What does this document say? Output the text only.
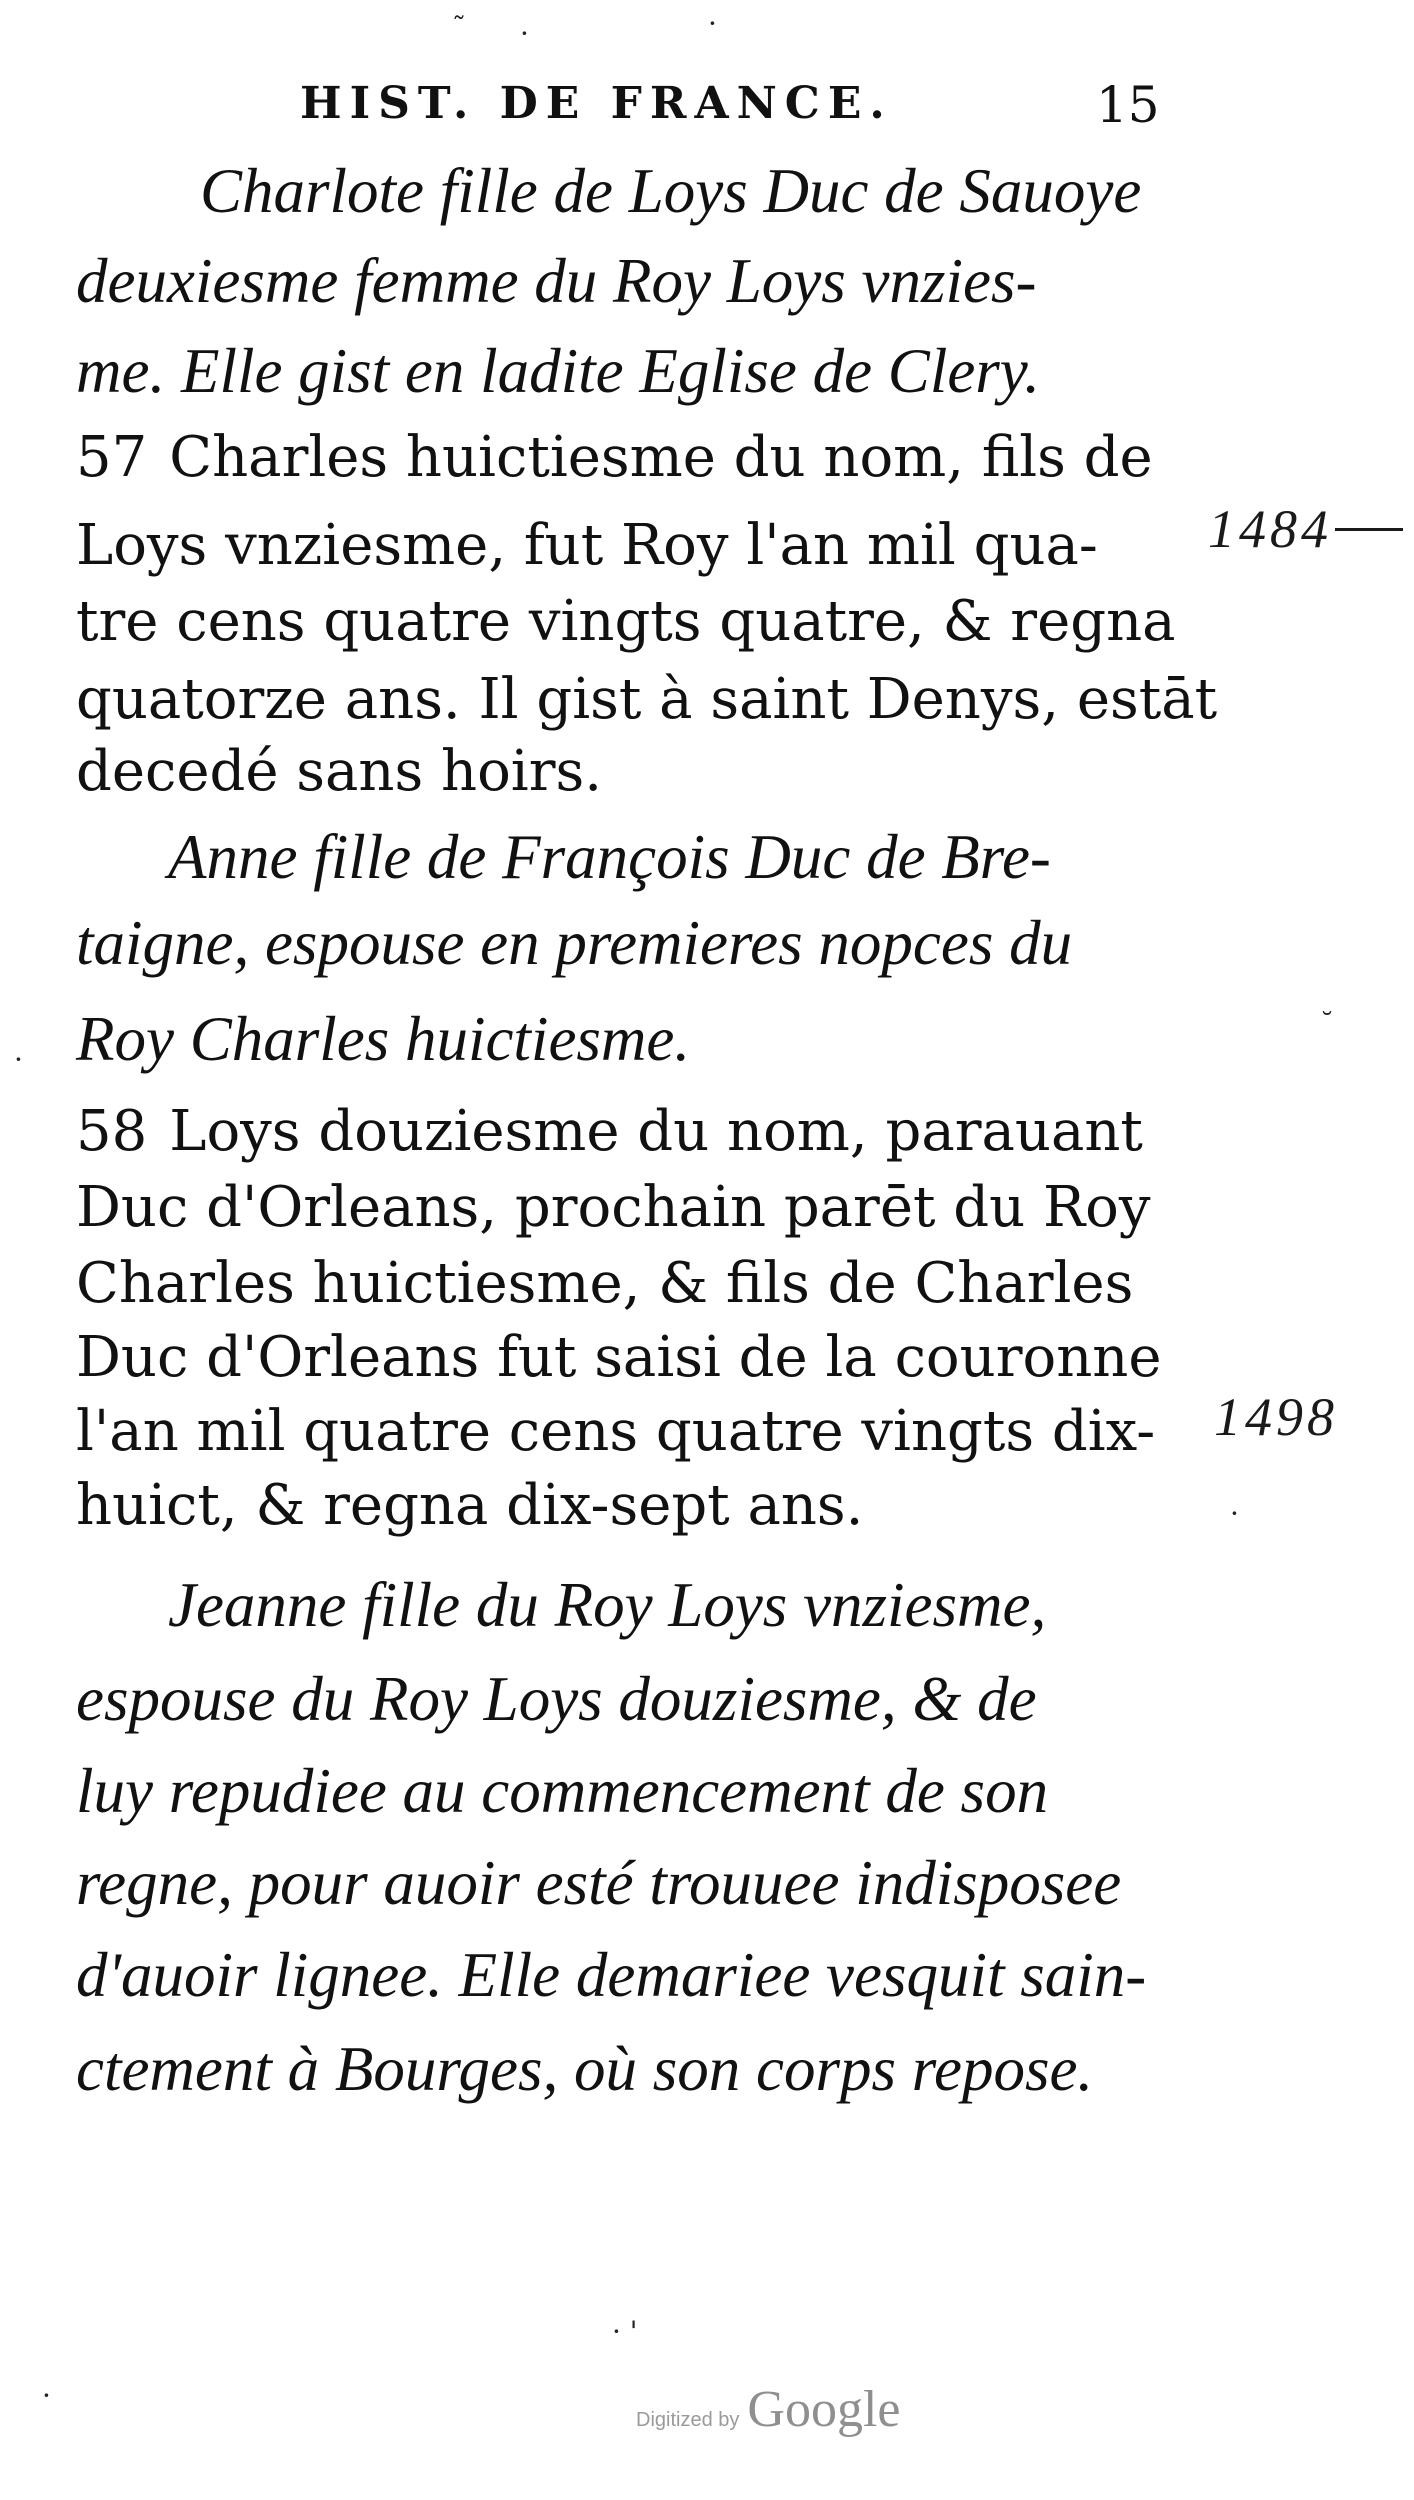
˜ ·	·
·
˘
·
· '
·
HIST. DE FRANCE.	15
Charlote fille de Loys Duc de Sauoye
deuxiesme femme du Roy Loys vnzies-
me. Elle gist en ladite Eglise de Clery.
57 Charles huictiesme du nom, fils de
Loys vnziesme, fut Roy l'an mil qua-
tre cens quatre vingts quatre, & regna
quatorze ans. Il gist à saint Denys, estāt
decedé sans hoirs.
Anne fille de François Duc de Bre-
taigne, espouse en premieres nopces du
Roy Charles huictiesme.
58 Loys douziesme du nom, parauant
Duc d'Orleans, prochain parēt du Roy
Charles huictiesme, & fils de Charles
Duc d'Orleans fut saisi de la couronne
l'an mil quatre cens quatre vingts dix-
huict, & regna dix-sept ans.
Jeanne fille du Roy Loys vnziesme,
espouse du Roy Loys douziesme, & de
luy repudiee au commencement de son
regne, pour auoir esté trouuee indisposee
d'auoir lignee. Elle demariee vesquit sain-
ctement à Bourges, où son corps repose.
1484
1498
Digitized by Google
